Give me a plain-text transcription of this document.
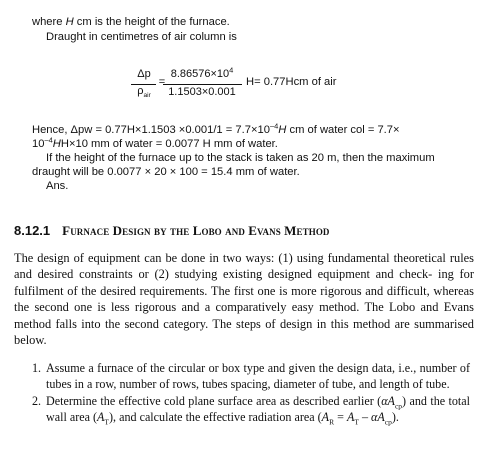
where H cm is the height of the furnace.
Draught in centimetres of air column is
Δp
$\rho_{air}$
=
$8.86576\times 10^4$
1.1503×0.001
H= 0.77Hcm of air
Hence, $\Delta pw = 0.77H\times 1.1503 \times 0.001/1 = 7.7\times 10^{-4}H$ cm of water col = 7.7×
$10^{-4}HH\times 10$ mm of water = 0.0077 H mm of water.
If the height of the furnace up to the stack is taken as 20 m, then the maximum
draught will be 0.0077 × 20 × 100 = 15.4 mm of water.
Ans.
8.12.1 Furnace Design by the Lobo and Evans Method
The design of equipment can be done in two ways: (1) using fundamental theoretical rules and desired constraints or (2) studying existing designed equipment and check- ing for fulfilment of the desired requirements. The first one is more rigorous and difficult, whereas the second one is less rigorous and a comparatively easy method. The Lobo and Evans method falls into the second category. The steps of design in this method are summarised below.
1. Assume a furnace of the circular or box type and given the design data, i.e., number of tubes in a row, number of rows, tubes spacing, diameter of tube, and length of tube.
2. Determine the effective cold plane surface area as described earlier $(\alpha A_{cp})$ and the total wall area $(A_T)$, and calculate the effective radiation area $(A_R = A_T - \alpha A_{cp})$.
